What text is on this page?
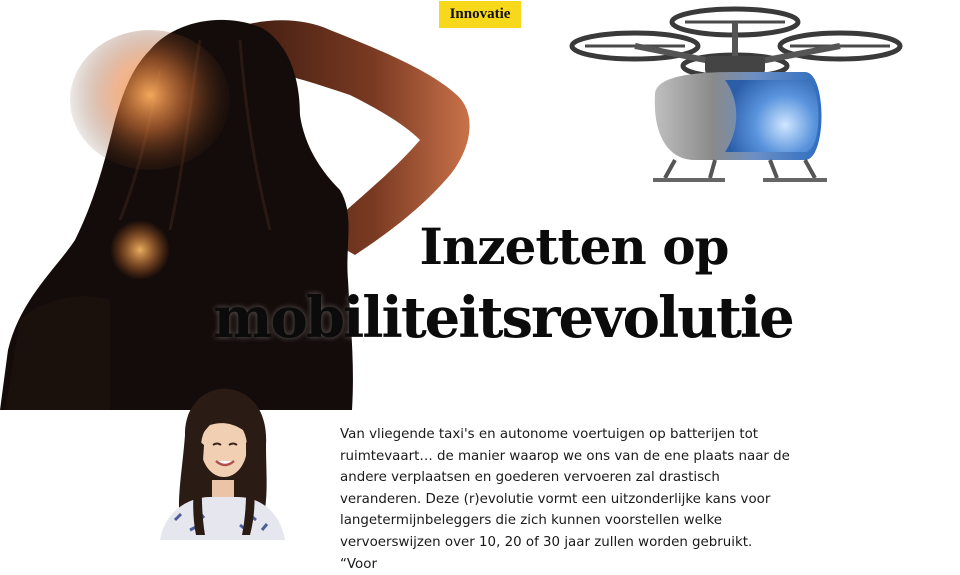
Innovatie
Inzetten op
mobiliteitsrevolutie

Van vliegende taxi's en autonome voertuigen op batterijen tot ruimtevaart… de manier waarop we ons van de ene plaats naar de andere verplaatsen en goederen vervoeren zal drastisch veranderen. Deze (r)evolutie vormt een uitzonderlijke kans voor langetermijnbeleggers die zich kunnen voorstellen welke vervoerswijzen over 10, 20 of 30 jaar zullen worden gebruikt. “Voor
